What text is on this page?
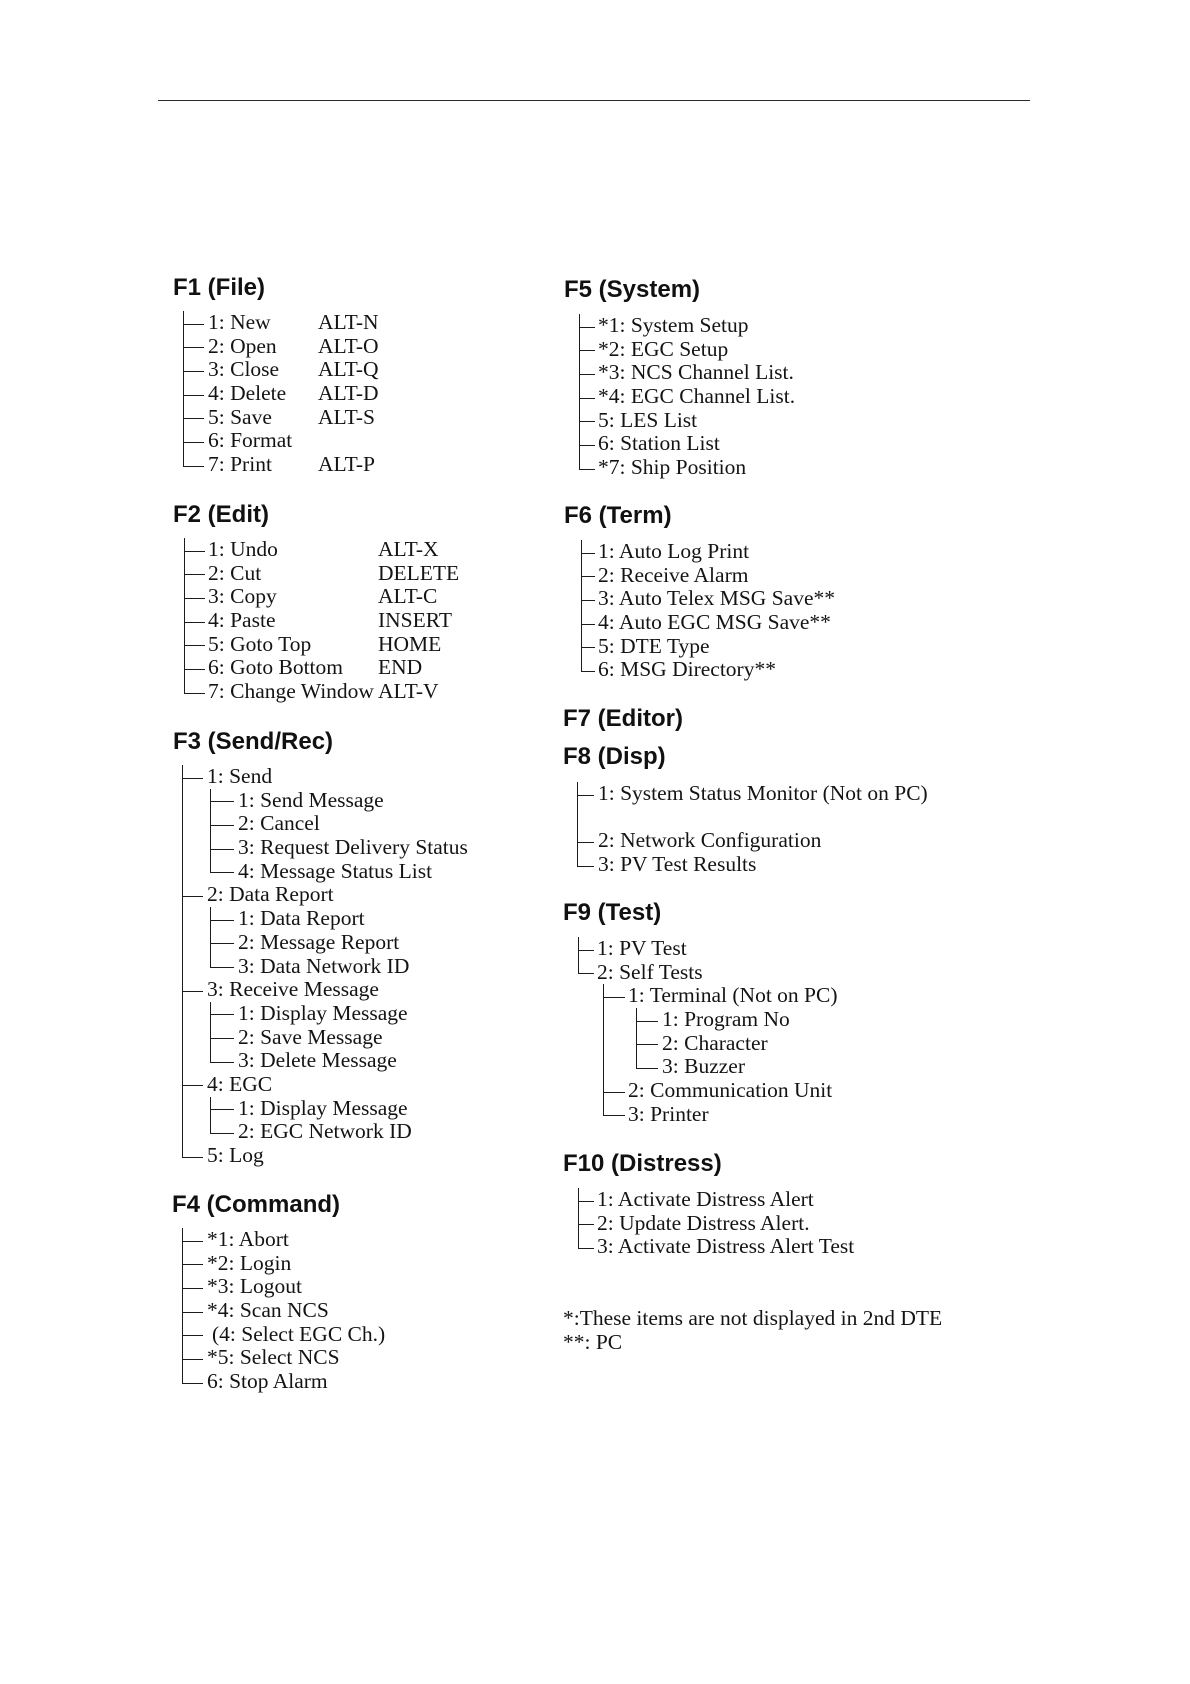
F1 (File)
1: New ALT-N
2: Open ALT-O
3: Close ALT-Q
4: Delete ALT-D
5: Save ALT-S
6: Format
7: Print ALT-P
F2 (Edit)
1: Undo	ALT-X
2: Cut	DELETE
3: Copy	ALT-C
4: Paste	INSERT
5: Goto Top	HOME
6: Goto Bottom END
7: Change Window ALT-V
F3 (Send/Rec)
1: Send
1: Send Message
2: Cancel
3: Request Delivery Status
4: Message Status List
2: Data Report
1: Data Report
2: Message Report
3: Data Network ID
3: Receive Message
1: Display Message
2: Save Message
3: Delete Message
4: EGC
1: Display Message
2: EGC Network ID
5: Log
F4 (Command)
*1: Abort
*2: Login
*3: Logout
*4: Scan NCS
(4: Select EGC Ch.)
*5: Select NCS
6: Stop Alarm
F5 (System)
*1: System Setup
*2: EGC Setup
*3: NCS Channel List.
*4: EGC Channel List.
5: LES List
6: Station List
*7: Ship Position
F6 (Term)
1: Auto Log Print
2: Receive Alarm
3: Auto Telex MSG Save**
4: Auto EGC MSG Save**
5: DTE Type
6: MSG Directory**
F7 (Editor)
F8 (Disp)
1: System Status Monitor (Not on PC)
2: Network Configuration
3: PV Test Results
F9 (Test)
1: PV Test
2: Self Tests
1: Terminal (Not on PC)
1: Program No
2: Character
3: Buzzer
2: Communication Unit
3: Printer
F10 (Distress)
1: Activate Distress Alert
2: Update Distress Alert.
3: Activate Distress Alert Test
*:These items are not displayed in 2nd DTE
**: PC
